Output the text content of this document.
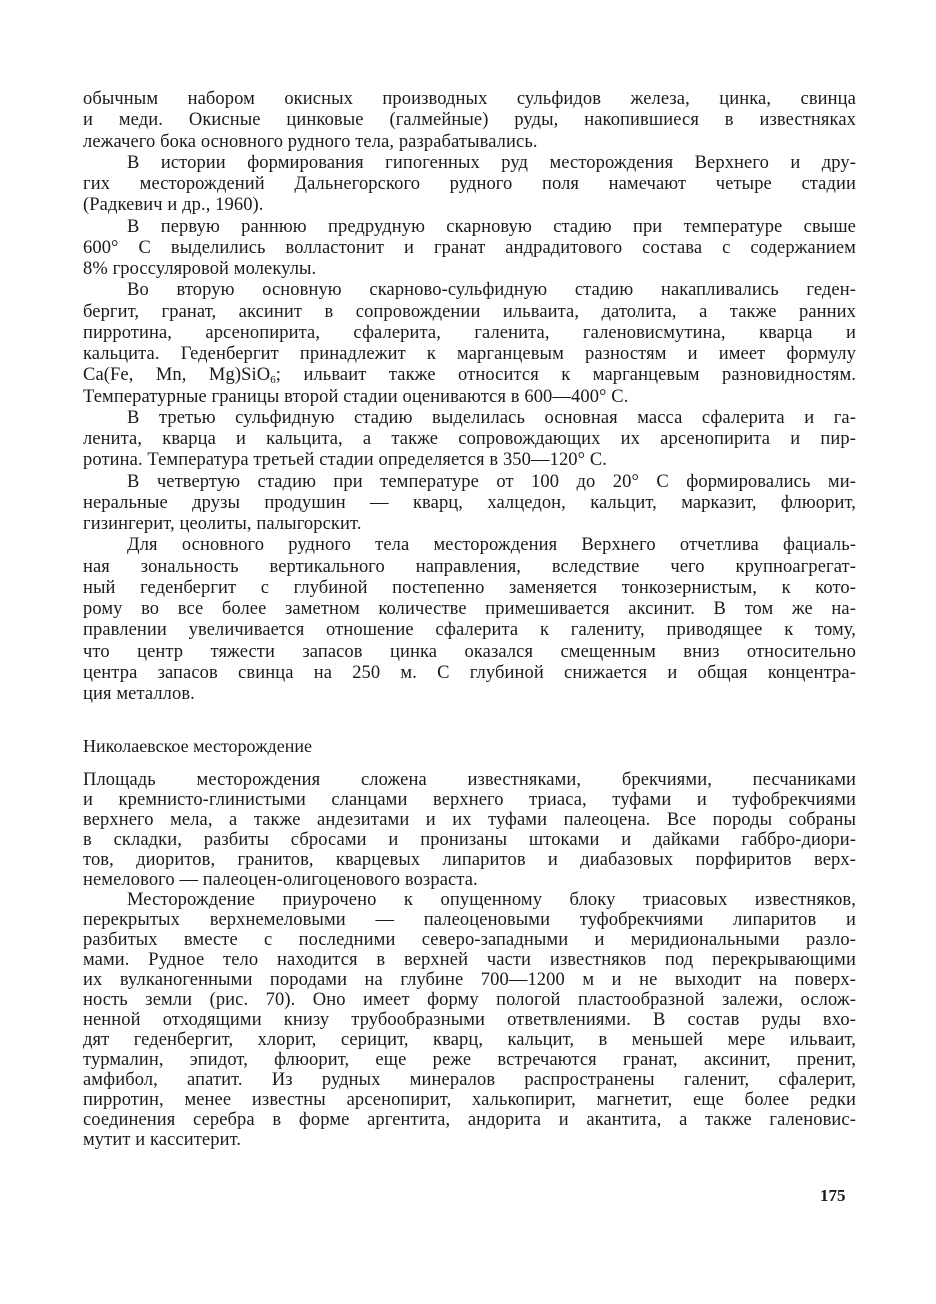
обычным набором окисных производных сульфидов железа, цинка, свинца
и меди. Окисные цинковые (галмейные) руды, накопившиеся в известняках
лежачего бока основного рудного тела, разрабатывались.
В истории формирования гипогенных руд месторождения Верхнего и дру-
гих месторождений Дальнегорского рудного поля намечают четыре стадии
(Радкевич и др., 1960).
В первую раннюю предрудную скарновую стадию при температуре свыше
600° С выделились волластонит и гранат андрадитового состава с содержанием
8% гроссуляровой молекулы.
Во вторую основную скарново-сульфидную стадию накапливались геден-
бергит, гранат, аксинит в сопровождении ильваита, датолита, а также ранних
пирротина, арсенопирита, сфалерита, галенита, галеновисмутина, кварца и
кальцита. Геденбергит принадлежит к марганцевым разностям и имеет формулу
Ca(Fe, Mn, Mg)SiO$_6$; ильваит также относится к марганцевым разновидностям.
Температурные границы второй стадии оцениваются в 600—400° С.
В третью сульфидную стадию выделилась основная масса сфалерита и га-
ленита, кварца и кальцита, а также сопровождающих их арсенопирита и пир-
ротина. Температура третьей стадии определяется в 350—120° С.
В четвертую стадию при температуре от 100 до 20° С формировались ми-
неральные друзы продушин — кварц, халцедон, кальцит, марказит, флюорит,
гизингерит, цеолиты, палыгорскит.
Для основного рудного тела месторождения Верхнего отчетлива фациаль-
ная зональность вертикального направления, вследствие чего крупноагрегат-
ный геденбергит с глубиной постепенно заменяется тонкозернистым, к кото-
рому во все более заметном количестве примешивается аксинит. В том же на-
правлении увеличивается отношение сфалерита к галениту, приводящее к тому,
что центр тяжести запасов цинка оказался смещенным вниз относительно
центра запасов свинца на 250 м. С глубиной снижается и общая концентра-
ция металлов.
Николаевское месторождение
Площадь месторождения сложена известняками, брекчиями, песчаниками
и кремнисто-глинистыми сланцами верхнего триаса, туфами и туфобрекчиями
верхнего мела, а также андезитами и их туфами палеоцена. Все породы собраны
в складки, разбиты сбросами и пронизаны штоками и дайками габбро-диори-
тов, диоритов, гранитов, кварцевых липаритов и диабазовых порфиритов верх-
немелового — палеоцен-олигоценового возраста.
Месторождение приурочено к опущенному блоку триасовых известняков,
перекрытых верхнемеловыми — палеоценовыми туфобрекчиями липаритов и
разбитых вместе с последними северо-западными и меридиональными разло-
мами. Рудное тело находится в верхней части известняков под перекрывающими
их вулканогенными породами на глубине 700—1200 м и не выходит на поверх-
ность земли (рис. 70). Оно имеет форму пологой пластообразной залежи, ослож-
ненной отходящими книзу трубообразными ответвлениями. В состав руды вхо-
дят геденбергит, хлорит, серицит, кварц, кальцит, в меньшей мере ильваит,
турмалин, эпидот, флюорит, еще реже встречаются гранат, аксинит, пренит,
амфибол, апатит. Из рудных минералов распространены галенит, сфалерит,
пирротин, менее известны арсенопирит, халькопирит, магнетит, еще более редки
соединения серебра в форме аргентита, андорита и акантита, а также галеновис-
мутит и касситерит.
175
